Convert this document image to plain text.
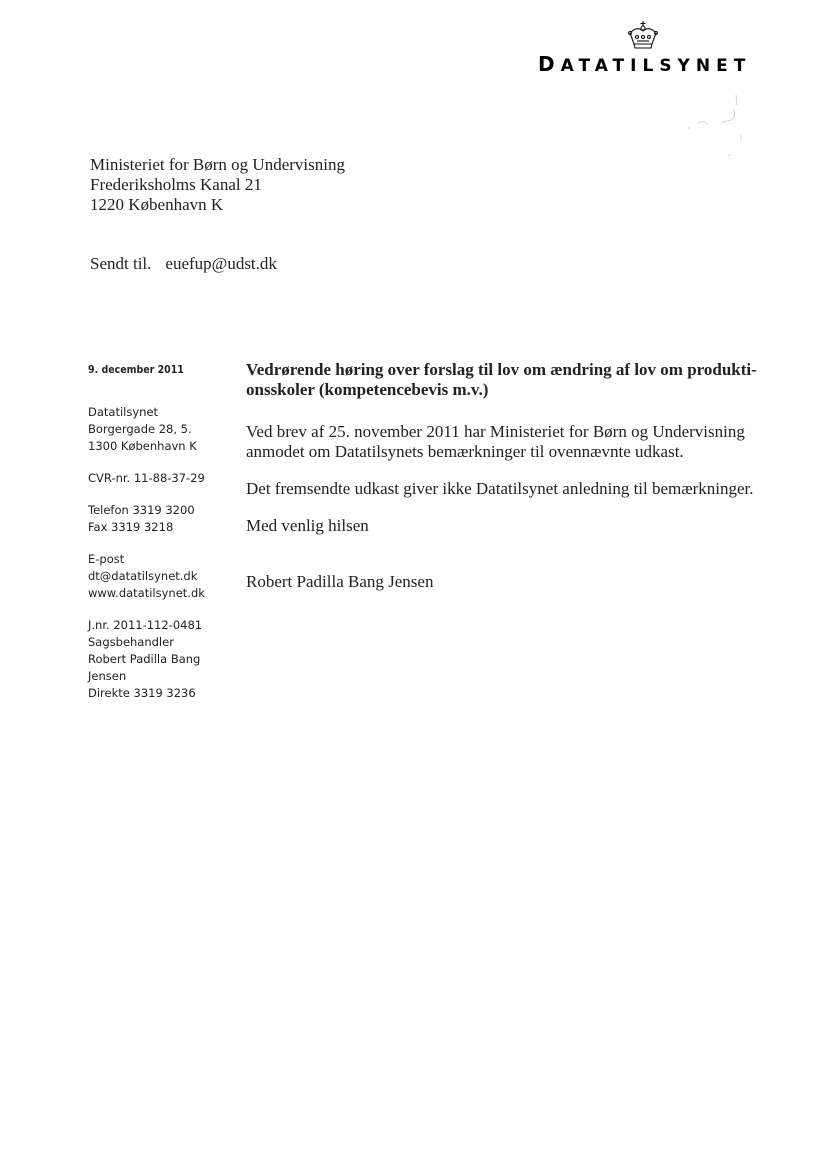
DATATILSYNET
Ministeriet for Børn og Undervisning
Frederiksholms Kanal 21
1220 København K
Sendt til. euefup@udst.dk
9. december 2011
Datatilsynet
Borgergade 28, 5.
1300 København K
CVR-nr. 11-88-37-29
Telefon 3319 3200
Fax 3319 3218
E-post
dt@datatilsynet.dk
www.datatilsynet.dk
J.nr. 2011-112-0481
Sagsbehandler
Robert Padilla Bang
Jensen
Direkte 3319 3236
Vedrørende høring over forslag til lov om ændring af lov om produkti-onsskoler (kompetencebevis m.v.)

Ved brev af 25. november 2011 har Ministeriet for Børn og Undervisning anmodet om Datatilsynets bemærkninger til ovennævnte udkast.

Det fremsendte udkast giver ikke Datatilsynet anledning til bemærkninger.

Med venlig hilsen

Robert Padilla Bang Jensen
